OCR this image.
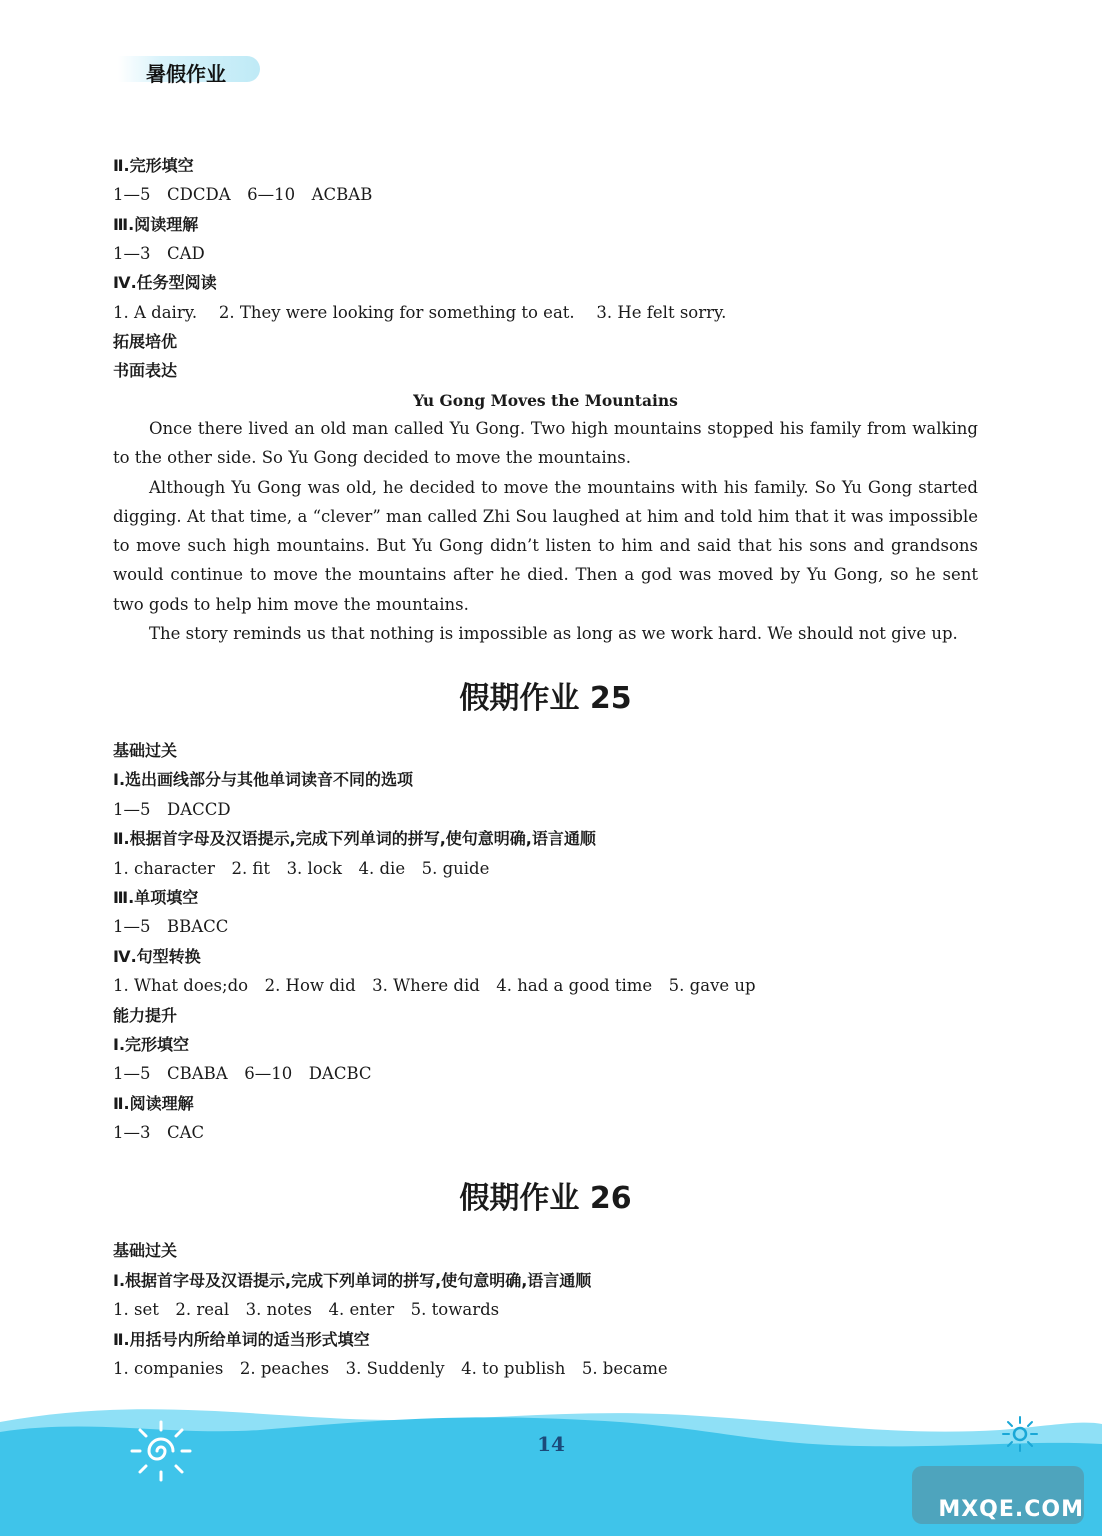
暑假作业
Ⅱ.完形填空
1—5　CDCDA　6—10　ACBAB
Ⅲ.阅读理解
1—3　CAD
Ⅳ.任务型阅读
1. A dairy.　 2. They were looking for something to eat.　 3. He felt sorry.
拓展培优
书面表达
Yu Gong Moves the Mountains

Once there lived an old man called Yu Gong. Two high mountains stopped his family from walking to the other side. So Yu Gong decided to move the mountains.

Although Yu Gong was old, he decided to move the mountains with his family. So Yu Gong started digging. At that time, a “clever” man called Zhi Sou laughed at him and told him that it was impossible to move such high mountains. But Yu Gong didn’t listen to him and said that his sons and grandsons would continue to move the mountains after he died. Then a god was moved by Yu Gong, so he sent two gods to help him move the mountains.

The story reminds us that nothing is impossible as long as we work hard. We should not give up.

假期作业 25
基础过关
Ⅰ.选出画线部分与其他单词读音不同的选项
1—5　DACCD
Ⅱ.根据首字母及汉语提示,完成下列单词的拼写,使句意明确,语言通顺
1. character　2. fit　3. lock　4. die　5. guide
Ⅲ.单项填空
1—5　BBACC
Ⅳ.句型转换
1. What does;do　2. How did　3. Where did　4. had a good time　5. gave up
能力提升
Ⅰ.完形填空
1—5　CBABA　6—10　DACBC
Ⅱ.阅读理解
1—3　CAC
假期作业 26
基础过关
Ⅰ.根据首字母及汉语提示,完成下列单词的拼写,使句意明确,语言通顺
1. set　2. real　3. notes　4. enter　5. towards
Ⅱ.用括号内所给单词的适当形式填空
1. companies　2. peaches　3. Suddenly　4. to publish　5. became
14
MXQE.COM
